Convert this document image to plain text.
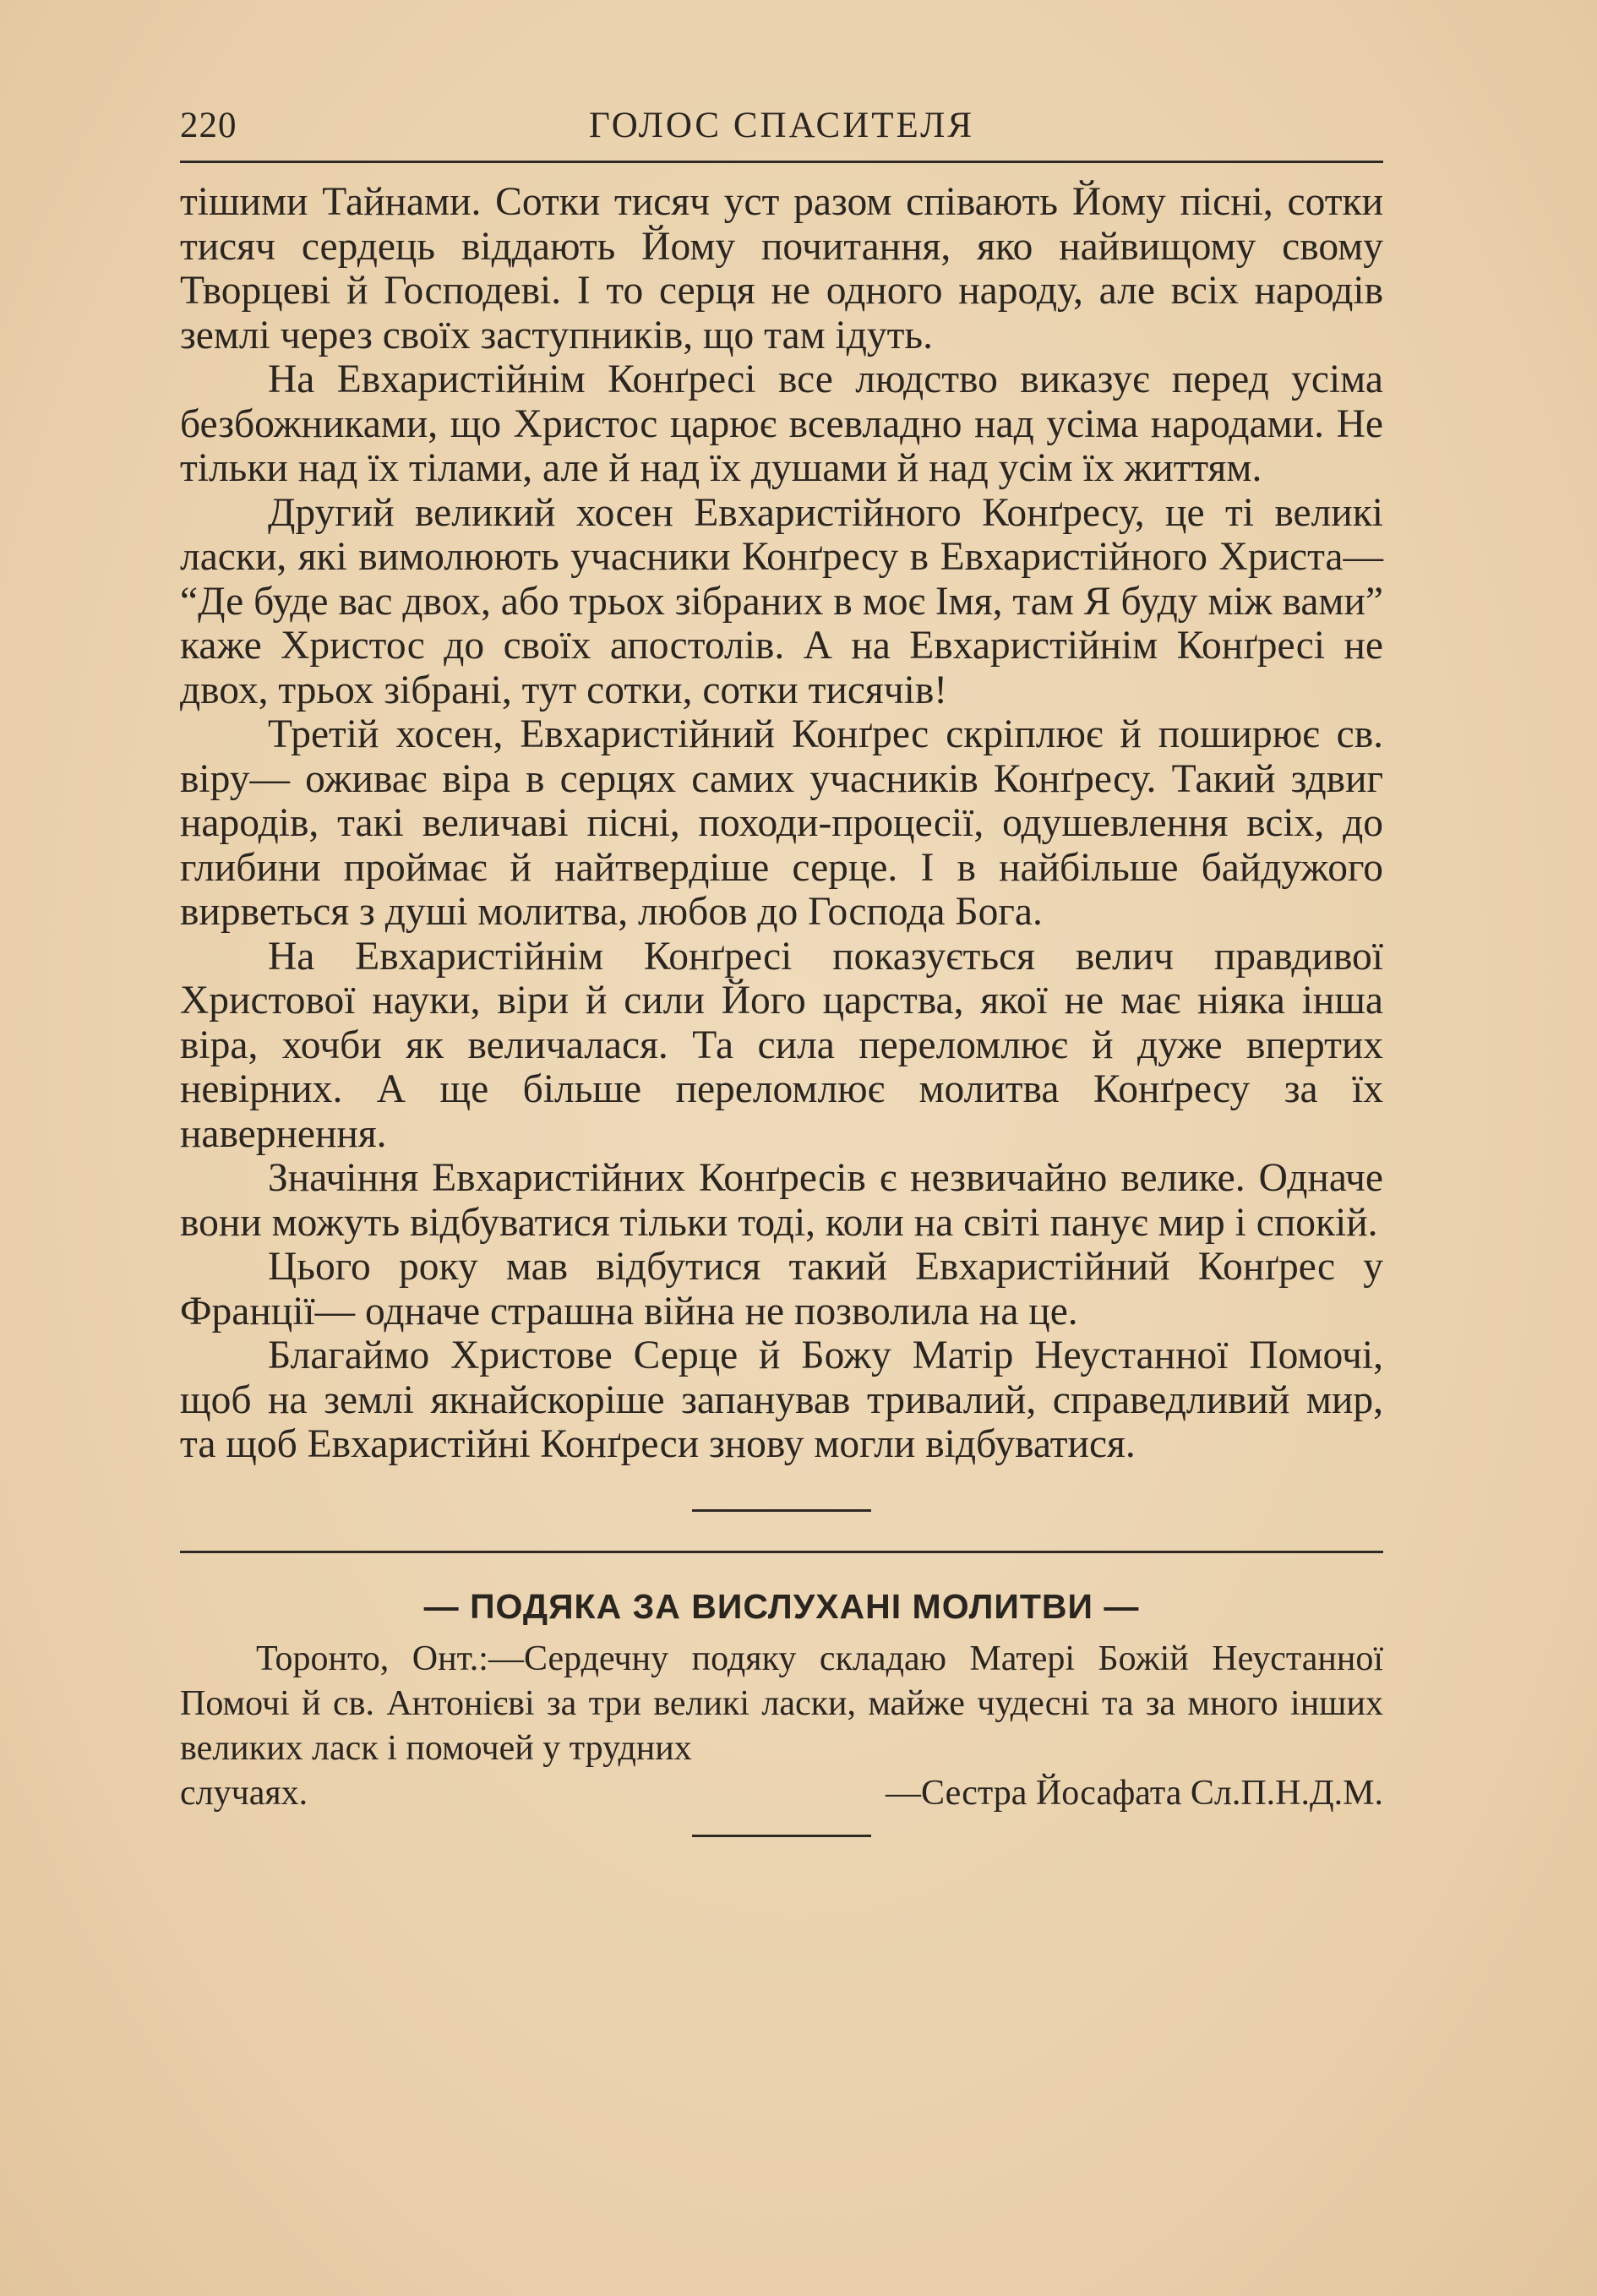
220	ГОЛОС СПАСИТЕЛЯ

тішими Тайнами. Сотки тисяч уст разом співають Йому пісні, сотки тисяч сердець віддають Йому почитання, яко найвищому свому Творцеві й Господеві. І то серця не одного народу, але всіх народів землі через своїх заступників, що там ідуть.

На Евхаристійнім Конґресі все людство виказує перед усіма безбожниками, що Христос царює всевладно над усіма народами. Не тільки над їх тілами, але й над їх душами й над усім їх життям.

Другий великий хосен Евхаристійного Конґресу, це ті великі ласки, які вимолюють учасники Конґресу в Евхаристійного Христа— “Де буде вас двох, або трьох зібраних в моє Імя, там Я буду між вами” каже Христос до своїх апостолів. А на Евхаристійнім Конґресі не двох, трьох зібрані, тут сотки, сотки тисячів!

Третій хосен, Евхаристійний Конґрес скріплює й поширює св. віру— оживає віра в серцях самих учасників Конґресу. Такий здвиг народів, такі величаві пісні, походи-процесії, одушевлення всіх, до глибини проймає й найтвердіше серце. І в найбільше байдужого вирветься з душі молитва, любов до Господа Бога.

На Евхаристійнім Конґресі показується велич правдивої Христової науки, віри й сили Його царства, якої не має ніяка інша віра, хочби як величалася. Та сила переломлює й дуже впертих невірних. А ще більше переломлює молитва Конґресу за їх навернення.

Значіння Евхаристійних Конґресів є незвичайно велике. Одначе вони можуть відбуватися тільки тоді, коли на світі панує мир і спокій.

Цього року мав відбутися такий Евхаристійний Конґрес у Франції— одначе страшна війна не позволила на це.

Благаймо Христове Серце й Божу Матір Неустанної Помочі, щоб на землі якнайскоріше запанував тривалий, справедливий мир, та щоб Евхаристійні Конґреси знову могли відбуватися.

— ПОДЯКА ЗА ВИСЛУХАНІ МОЛИТВИ —

Торонто, Онт.:—Сердечну подяку складаю Матері Божій Неустанної Помочі й св. Антонієві за три великі ласки, майже чудесні та за много інших великих ласк і помочей у трудних

случаях.	—Сестра Йосафата Сл.П.Н.Д.М.
